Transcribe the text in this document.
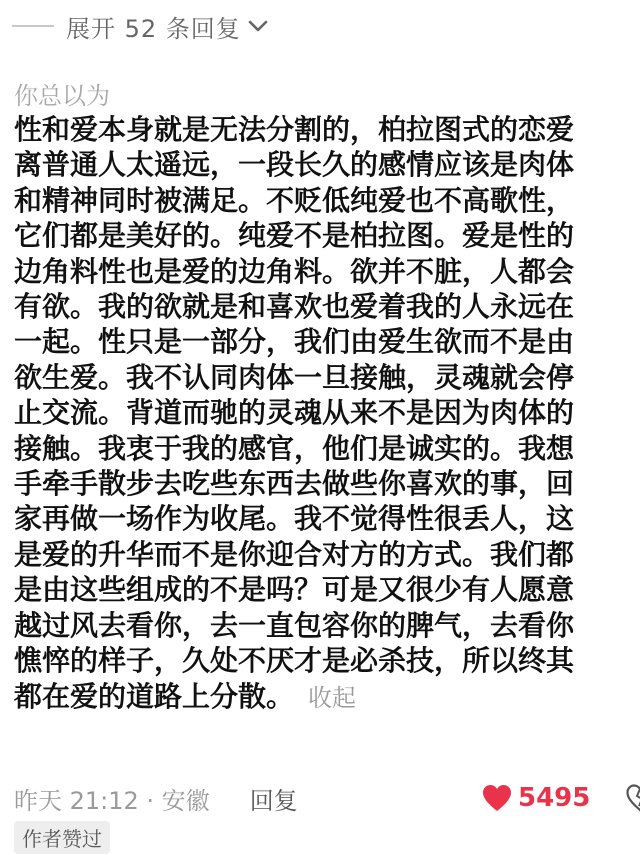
展开 52 条回复
你总以为
性和爱本身就是无法分割的，柏拉图式的恋爱
离普通人太遥远，一段长久的感情应该是肉体
和精神同时被满足。不贬低纯爱也不高歌性，
它们都是美好的。纯爱不是柏拉图。爱是性的
边角料性也是爱的边角料。欲并不脏，人都会
有欲。我的欲就是和喜欢也爱着我的人永远在
一起。性只是一部分，我们由爱生欲而不是由
欲生爱。我不认同肉体一旦接触，灵魂就会停
止交流。背道而驰的灵魂从来不是因为肉体的
接触。我衷于我的感官，他们是诚实的。我想
手牵手散步去吃些东西去做些你喜欢的事，回
家再做一场作为收尾。我不觉得性很丢人，这
是爱的升华而不是你迎合对方的方式。我们都
是由这些组成的不是吗？可是又很少有人愿意
越过风去看你，去一直包容你的脾气，去看你
憔悴的样子，久处不厌才是必杀技，所以终其
都在爱的道路上分散。 收起
昨天 21:12 · 安徽 回复	5495
作者赞过
